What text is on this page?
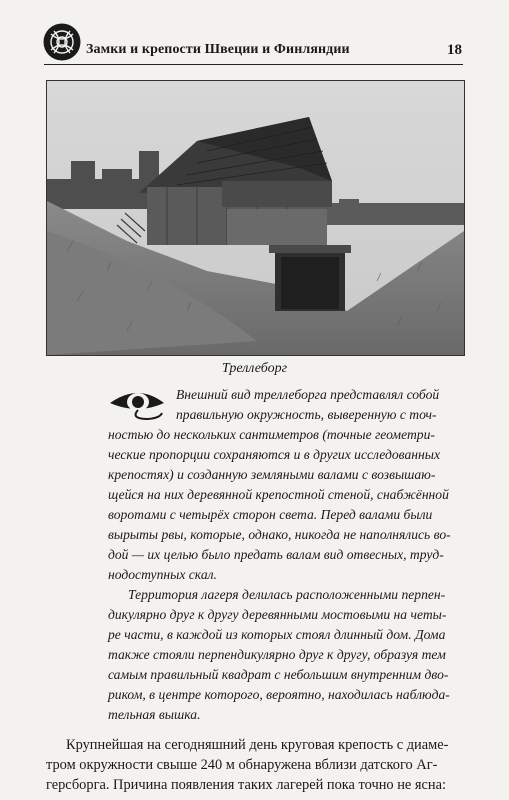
Замки и крепости Швеции и Финляндии	18
Треллеборг
Внешний вид треллеборга представлял собой
правильную окружность, выверенную с точ-
ностью до нескольких сантиметров (точные геометри-
ческие пропорции сохраняются и в других исследованных
крепостях) и созданную земляными валами с возвышаю-
щейся на них деревянной крепостной стеной, снабжённой
воротами с четырёх сторон света. Перед валами были
вырыты рвы, которые, однако, никогда не наполнялись во-
дой — их целью было предать валам вид отвесных, труд-
нодоступных скал.
Территория лагеря делилась расположенными перпен-
дикулярно друг к другу деревянными мостовыми на четы-
ре части, в каждой из которых стоял длинный дом. Дома
также стояли перпендикулярно друг к другу, образуя тем
самым правильный квадрат с небольшим внутренним дво-
риком, в центре которого, вероятно, находилась наблюда-
тельная вышка.
Крупнейшая на сегодняшний день круговая крепость с диаме-
тром окружности свыше 240 м обнаружена вблизи датского Аг-
герсборга. Причина появления таких лагерей пока точно не ясна:
